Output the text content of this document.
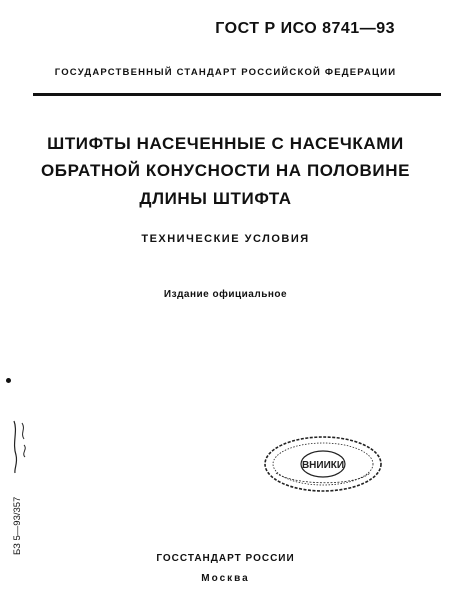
ГОСТ Р ИСО 8741—93
ГОСУДАРСТВЕННЫЙ СТАНДАРТ РОССИЙСКОЙ ФЕДЕРАЦИИ
ШТИФТЫ НАСЕЧЕННЫЕ С НАСЕЧКАМИ
ОБРАТНОЙ КОНУСНОСТИ НА ПОЛОВИНЕ
ДЛИНЫ ШТИФТА
ТЕХНИЧЕСКИЕ УСЛОВИЯ
Издание официальное
БЗ 5—93/357
ВНИИКИ
ГОССТАНДАРТ РОССИИ
Москва
